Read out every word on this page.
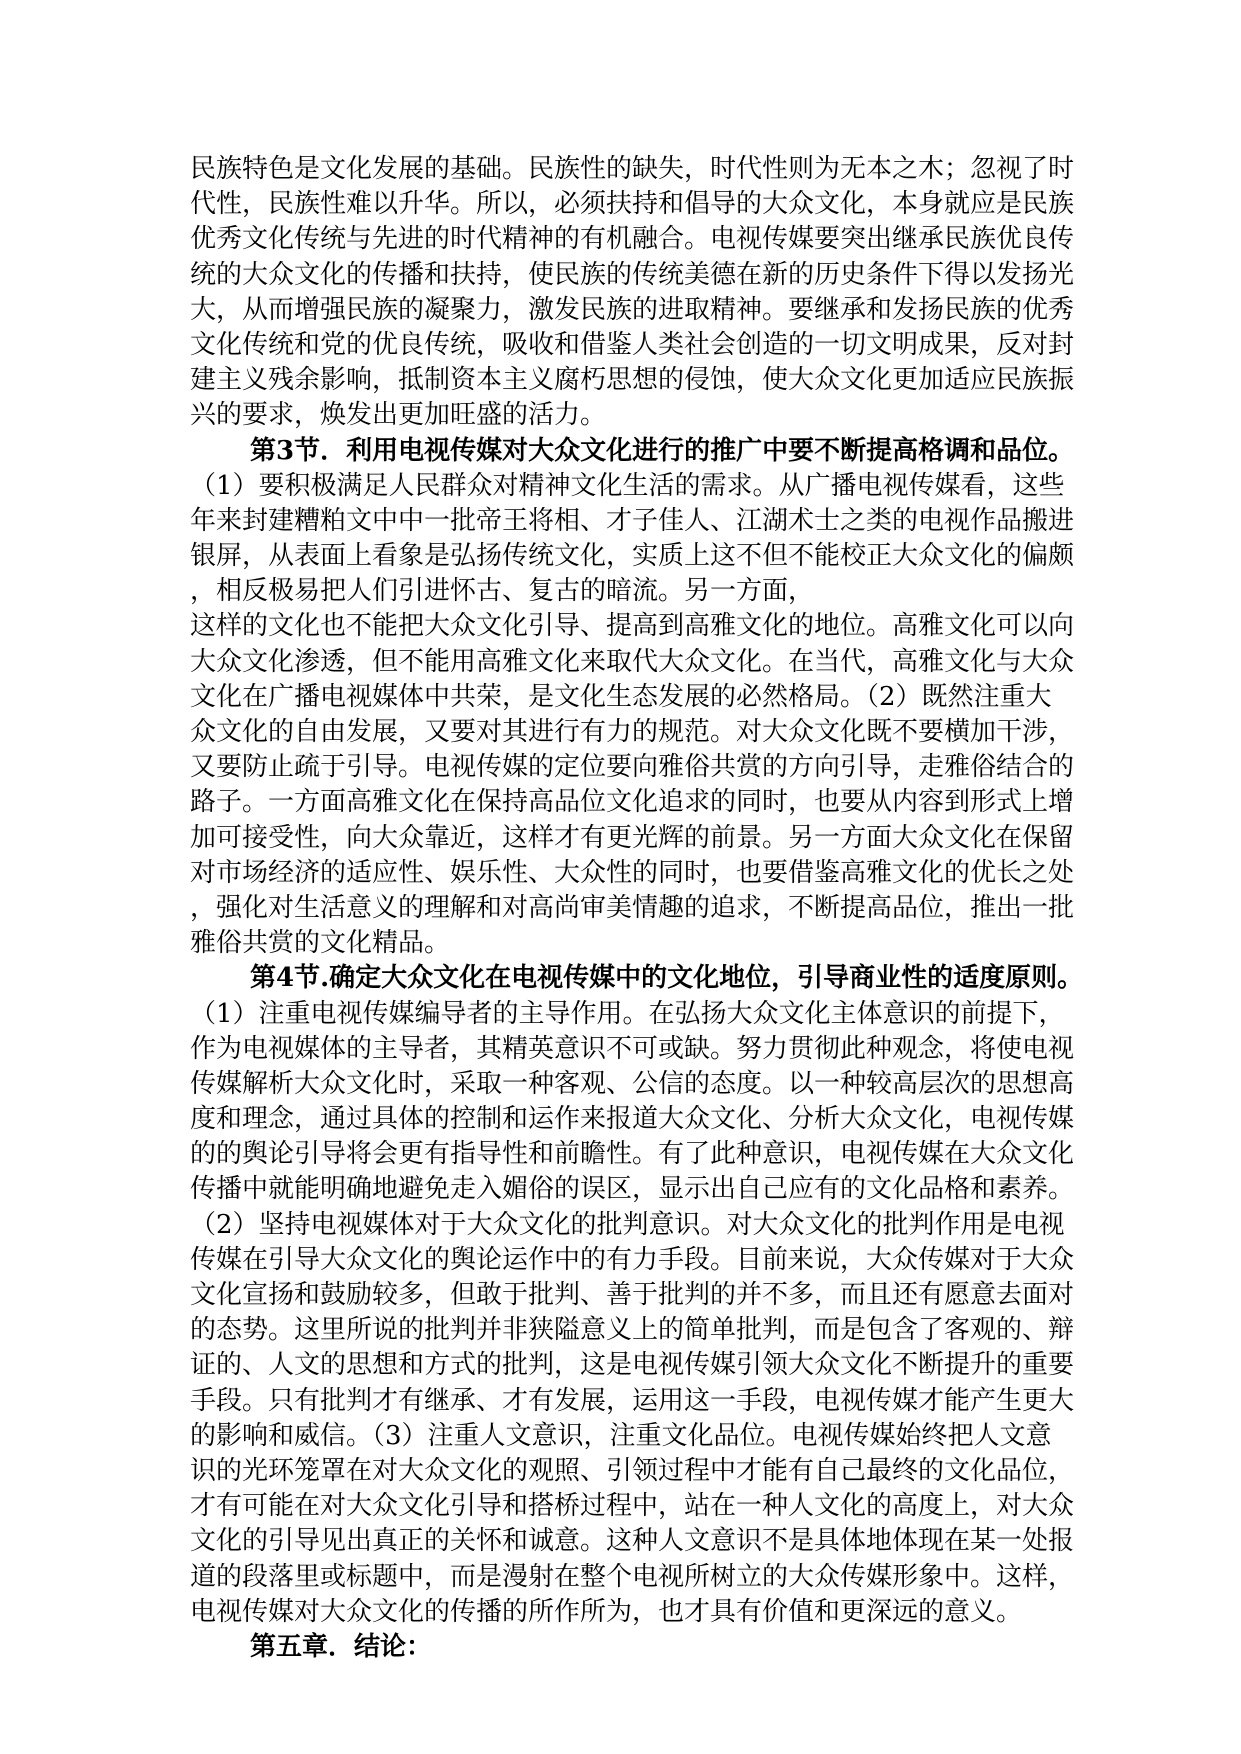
民族特色是文化发展的基础。民族性的缺失，时代性则为无本之木；忽视了时
代性，民族性难以升华。所以，必须扶持和倡导的大众文化，本身就应是民族
优秀文化传统与先进的时代精神的有机融合。电视传媒要突出继承民族优良传
统的大众文化的传播和扶持，使民族的传统美德在新的历史条件下得以发扬光
大，从而增强民族的凝聚力，激发民族的进取精神。要继承和发扬民族的优秀
文化传统和党的优良传统，吸收和借鉴人类社会创造的一切文明成果，反对封
建主义残余影响，抵制资本主义腐朽思想的侵蚀，使大众文化更加适应民族振
兴的要求，焕发出更加旺盛的活力。
第3节．利用电视传媒对大众文化进行的推广中要不断提高格调和品位。
（1）要积极满足人民群众对精神文化生活的需求。从广播电视传媒看，这些
年来封建糟粕文中中一批帝王将相、才子佳人、江湖术士之类的电视作品搬进
银屏，从表面上看象是弘扬传统文化，实质上这不但不能校正大众文化的偏颇
，相反极易把人们引进怀古、复古的暗流。另一方面，
这样的文化也不能把大众文化引导、提高到高雅文化的地位。高雅文化可以向
大众文化渗透，但不能用高雅文化来取代大众文化。在当代，高雅文化与大众
文化在广播电视媒体中共荣，是文化生态发展的必然格局。（2）既然注重大
众文化的自由发展，又要对其进行有力的规范。对大众文化既不要横加干涉，
又要防止疏于引导。电视传媒的定位要向雅俗共赏的方向引导，走雅俗结合的
路子。一方面高雅文化在保持高品位文化追求的同时，也要从内容到形式上增
加可接受性，向大众靠近，这样才有更光辉的前景。另一方面大众文化在保留
对市场经济的适应性、娱乐性、大众性的同时，也要借鉴高雅文化的优长之处
，强化对生活意义的理解和对高尚审美情趣的追求，不断提高品位，推出一批
雅俗共赏的文化精品。
第4节.确定大众文化在电视传媒中的文化地位，引导商业性的适度原则。
（1）注重电视传媒编导者的主导作用。在弘扬大众文化主体意识的前提下，
作为电视媒体的主导者，其精英意识不可或缺。努力贯彻此种观念，将使电视
传媒解析大众文化时，采取一种客观、公信的态度。以一种较高层次的思想高
度和理念，通过具体的控制和运作来报道大众文化、分析大众文化，电视传媒
的的舆论引导将会更有指导性和前瞻性。有了此种意识，电视传媒在大众文化
传播中就能明确地避免走入媚俗的误区，显示出自己应有的文化品格和素养。
（2）坚持电视媒体对于大众文化的批判意识。对大众文化的批判作用是电视
传媒在引导大众文化的舆论运作中的有力手段。目前来说，大众传媒对于大众
文化宣扬和鼓励较多，但敢于批判、善于批判的并不多，而且还有愿意去面对
的态势。这里所说的批判并非狭隘意义上的简单批判，而是包含了客观的、辩
证的、人文的思想和方式的批判，这是电视传媒引领大众文化不断提升的重要
手段。只有批判才有继承、才有发展，运用这一手段，电视传媒才能产生更大
的影响和威信。（3）注重人文意识，注重文化品位。电视传媒始终把人文意
识的光环笼罩在对大众文化的观照、引领过程中才能有自己最终的文化品位，
才有可能在对大众文化引导和搭桥过程中，站在一种人文化的高度上，对大众
文化的引导见出真正的关怀和诚意。这种人文意识不是具体地体现在某一处报
道的段落里或标题中，而是漫射在整个电视所树立的大众传媒形象中。这样，
电视传媒对大众文化的传播的所作所为，也才具有价值和更深远的意义。
第五章．结论：
